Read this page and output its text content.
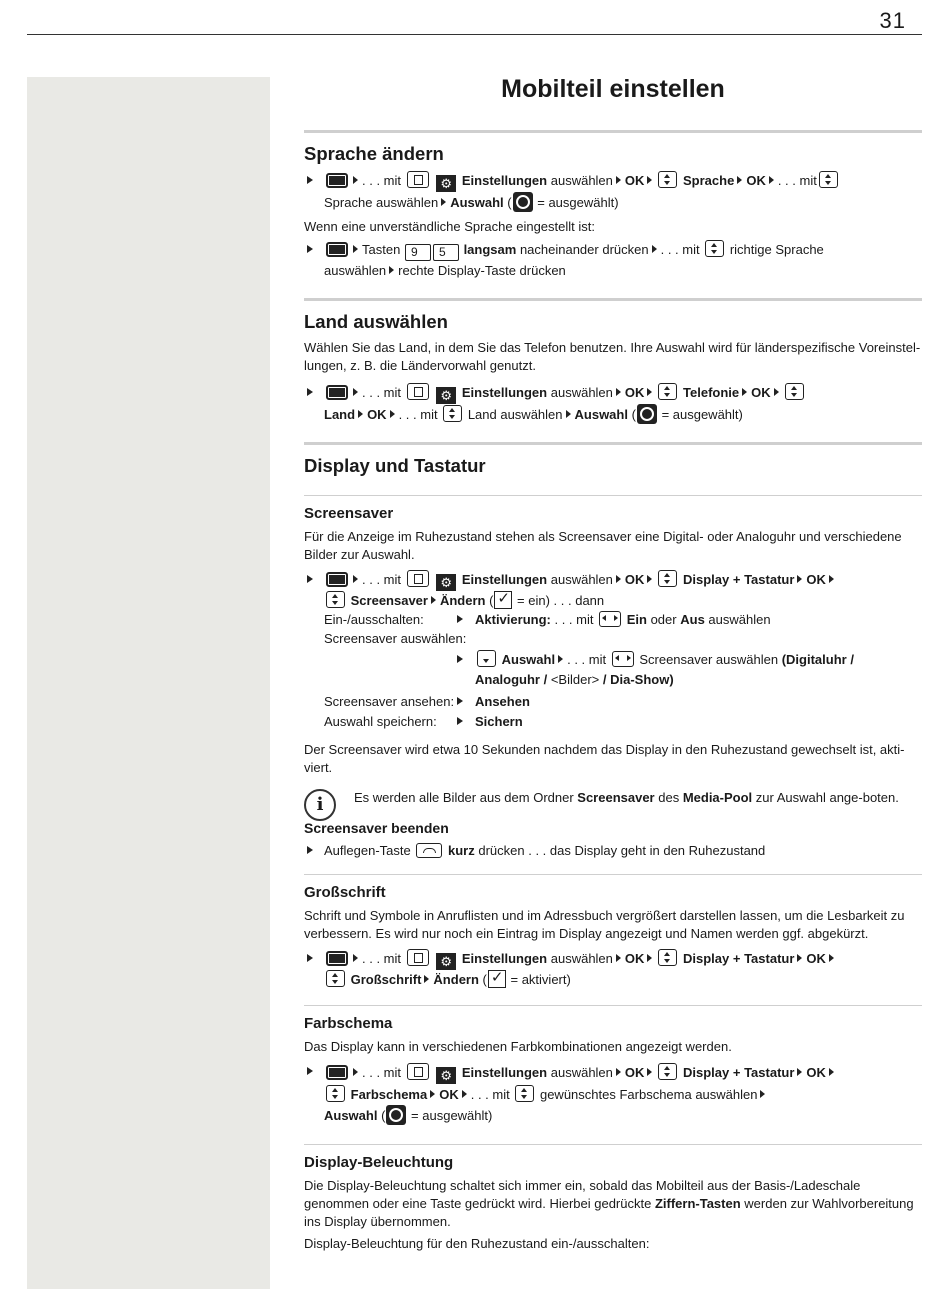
31
Mobilteil einstellen
Sprache ändern
. . . mit	⚙ Einstellungen auswählen OK	Sprache OK . . . mit
Sprache auswählen Auswahl ( = ausgewählt)

Wenn eine unverständliche Sprache eingestellt ist:

Tasten 9 5 langsam nacheinander drücken . . . mit richtige Sprache
auswählen rechte Display-Taste drücken
Land auswählen

Wählen Sie das Land, in dem Sie das Telefon benutzen. Ihre Auswahl wird für länderspezifische Voreinstel-lungen, z. B. die Ländervorwahl genutzt.

. . . mit	⚙ Einstellungen auswählen OK	Telefonie OK
Land OK . . . mit Land auswählen Auswahl ( = ausgewählt)
Display und Tastatur
Screensaver

Für die Anzeige im Ruhezustand stehen als Screensaver eine Digital- oder Analoguhr und verschiedene Bilder zur Auswahl.

. . . mit	⚙ Einstellungen auswählen OK	Display + Tastatur OK
Screensaver Ändern ( ✓ = ein) . . . dann
Ein-/ausschalten:	Aktivierung: . . . mit	Ein oder Aus auswählen
Screensaver auswählen:
Auswahl . . . mit	Screensaver auswählen (Digitaluhr /
Analoguhr / <Bilder> / Dia-Show)
Screensaver ansehen:	Ansehen
Auswahl speichern:	Sichern

Der Screensaver wird etwa 10 Sekunden nachdem das Display in den Ruhezustand gewechselt ist, akti-viert.

i	Es werden alle Bilder aus dem Ordner Screensaver des Media-Pool zur Auswahl ange-boten.
Screensaver beenden
Auflegen-Taste	kurz drücken . . . das Display geht in den Ruhezustand
Großschrift

Schrift und Symbole in Anruflisten und im Adressbuch vergrößert darstellen lassen, um die Lesbarkeit zu verbessern. Es wird nur noch ein Eintrag im Display angezeigt und Namen werden ggf. abgekürzt.

. . . mit	⚙ Einstellungen auswählen OK	Display + Tastatur OK
Großschrift Ändern ( ✓ = aktiviert)
Farbschema

Das Display kann in verschiedenen Farbkombinationen angezeigt werden.

. . . mit	⚙ Einstellungen auswählen OK	Display + Tastatur OK
Farbschema OK . . . mit gewünschtes Farbschema auswählen
Auswahl ( = ausgewählt)
Display-Beleuchtung

Die Display-Beleuchtung schaltet sich immer ein, sobald das Mobilteil aus der Basis-/Ladeschale genommen oder eine Taste gedrückt wird. Hierbei gedrückte Ziffern-Tasten werden zur Wahlvorbereitung ins Display übernommen.

Display-Beleuchtung für den Ruhezustand ein-/ausschalten:
